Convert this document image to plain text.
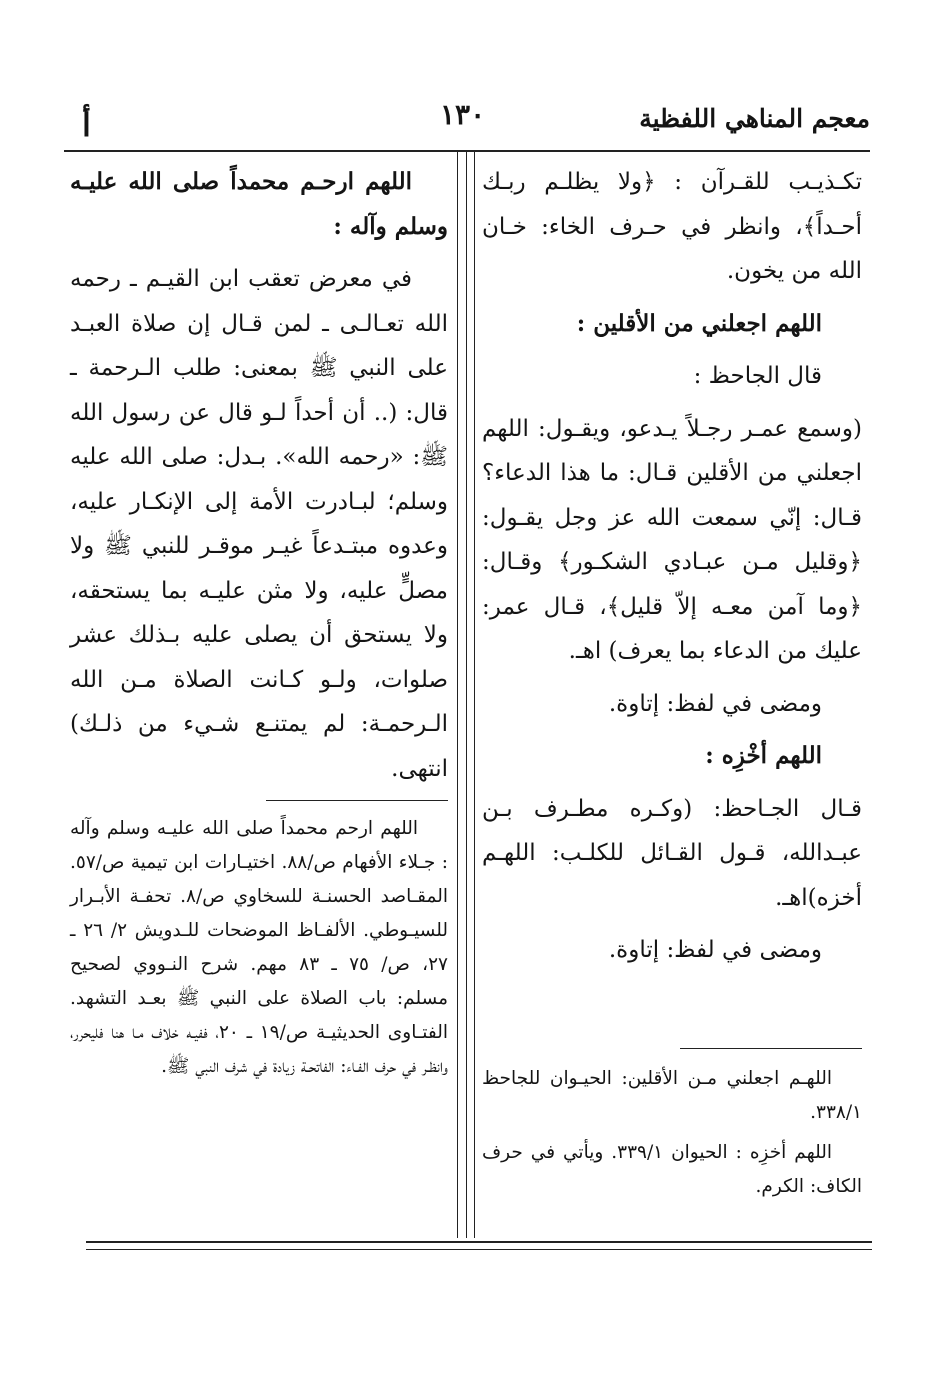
معجم المناهي اللفظية
١٣٠
أ

تكـذيـب للقـرآن : ﴿ولا يظلـم ربـك أحـداً﴾، وانظر في حـرف الخاء: خـان الله من يخون.

اللهم اجعلني من الأقلين :

قال الجاحظ :

(وسمع عمـر رجـلاً يـدعو، ويقـول: اللهم اجعلني من الأقلين قـال: ما هذا الدعاء؟ قـال: إنّي سمعت الله عز وجل يقـول: ﴿وقليل مـن عبـادي الشكـور﴾ وقـال: ﴿وما آمن معـه إلاّ قليل﴾، قـال عمر: عليك من الدعاء بما يعرف) اهـ.

ومضى في لفظ: إتاوة.

اللهم أخْزِه :

قـال الجـاحظ: (وكـره مطـرف بـن عبـدالله، قـول القـائل للكلـب: اللهـم أخزه)اهـ.

ومضى في لفظ: إتاوة.

اللهـم اجعلني مـن الأقلين: الحيـوان للجاحظ ٣٣٨/١.

اللهم أخزِه : الحيوان ٣٣٩/١. ويأتي في حرف الكاف: الكرم.

اللهم ارحـم محمداً صلى الله عليـه وسلم وآله :

في معرض تعقب ابن القيـم ـ رحمه الله تعـالـى ـ لمن قـال إن صلاة العبـد على النبي ﷺ بمعنى: طلب الـرحمة ـ قال: (.. أن أحداً لـو قال عن رسول الله ﷺ: «رحمه الله». بـدل: صلى الله عليه وسلم؛ لبـادرت الأمة إلى الإنكـار عليه، وعدوه مبتـدعاً غيـر موقـر للنبي ﷺ ولا مصلٍّ عليه، ولا مثن عليـه بما يستحقه، ولا يستحق أن يصلى عليه بـذلك عشر صلوات، ولـو كـانت الصلاة مـن الله الـرحمـة: لم يمتنـع شـيء من ذلـك) انتهى.

اللهم ارحم محمداً صلى الله عليـه وسلم وآله : جـلاء الأفهام ص/٨٨. اختيـارات ابن تيمية ص/٥٧. المقـاصد الحسنـة للسخاوي ص/٨. تحفـة الأبـرار للسيـوطي. الألفـاظ الموضحات للـدويش ٢/ ٢٦ ـ ٢٧، ص/ ٧٥ ـ ٨٣ مهم. شرح النـووي لصحيح مسلم: باب الصلاة على النبي ﷺ بعـد التشهد. الفتـاوى الحديثيـة ص/١٩ ـ ٢٠، ففيـه خلاف مـا هنا فليحرر، وانظـر في حرف الفـاء: الفاتحـة زيادة في شرف النبي ﷺ.
